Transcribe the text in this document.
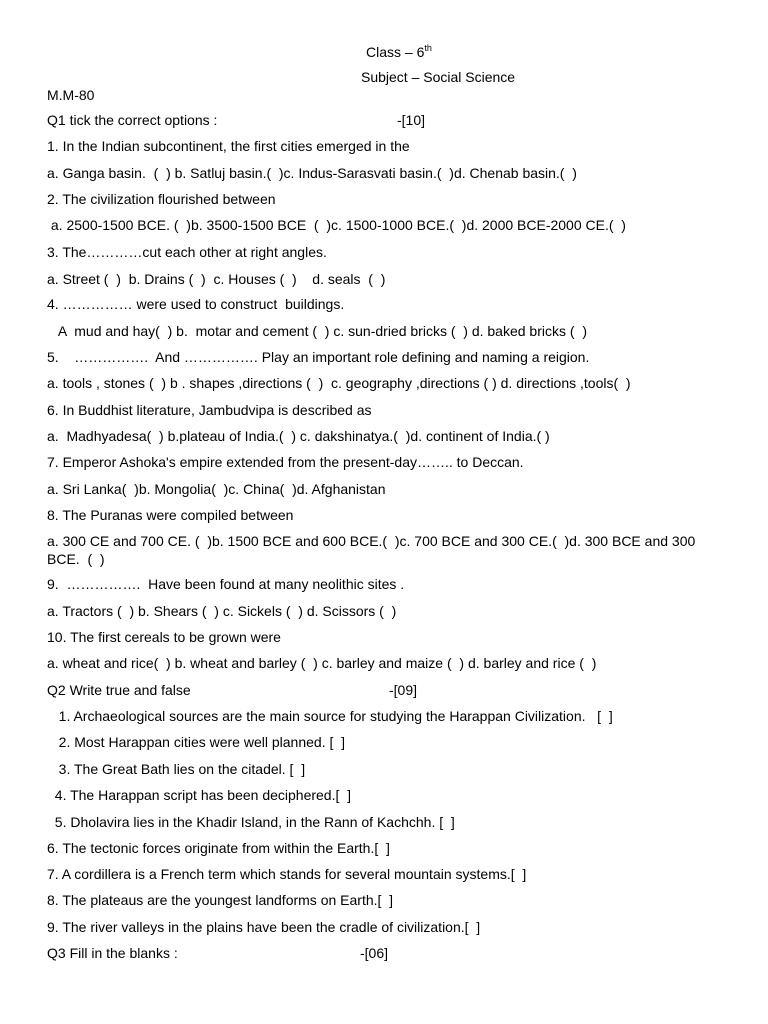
Class – 6th
Subject – Social Science
M.M-80
Q1 tick the correct options :	-[10]
1. In the Indian subcontinent, the first cities emerged in the
a. Ganga basin.  (  ) b. Satluj basin.(  )c. Indus-Sarasvati basin.(  )d. Chenab basin.(  )
2. The civilization flourished between
a. 2500-1500 BCE. (  )b. 3500-1500 BCE  (  )c. 1500-1000 BCE.(  )d. 2000 BCE-2000 CE.(  )
3. The…………cut each other at right angles.
a. Street (  )  b. Drains (  )  c. Houses (  )    d. seals  (  )
4. …………… were used to construct  buildings.
A  mud and hay(  ) b.  motar and cement (  ) c. sun-dried bricks (  ) d. baked bricks (  )
5.    …………….  And ……………. Play an important role defining and naming a reigion.
a. tools , stones (  ) b . shapes ,directions (  )  c. geography ,directions ( ) d. directions ,tools(  )
6. In Buddhist literature, Jambudvipa is described as
a.  Madhyadesa(  ) b.plateau of India.(  ) c. dakshinatya.(  )d. continent of India.( )
7. Emperor Ashoka's empire extended from the present-day…….. to Deccan.
a. Sri Lanka(  )b. Mongolia(  )c. China(  )d. Afghanistan
8. The Puranas were compiled between
a. 300 CE and 700 CE. (  )b. 1500 BCE and 600 BCE.(  )c. 700 BCE and 300 CE.(  )d. 300 BCE and 300
BCE.  (  )
9.  …………….  Have been found at many neolithic sites .
a. Tractors (  ) b. Shears (  ) c. Sickels (  ) d. Scissors (  )
10. The first cereals to be grown were
a. wheat and rice(  ) b. wheat and barley (  ) c. barley and maize (  ) d. barley and rice (  )
Q2 Write true and false	-[09]
1. Archaeological sources are the main source for studying the Harappan Civilization.   [  ]
2. Most Harappan cities were well planned. [  ]
3. The Great Bath lies on the citadel. [  ]
4. The Harappan script has been deciphered.[  ]
5. Dholavira lies in the Khadir Island, in the Rann of Kachchh. [  ]
6. The tectonic forces originate from within the Earth.[  ]
7. A cordillera is a French term which stands for several mountain systems.[  ]
8. The plateaus are the youngest landforms on Earth.[  ]
9. The river valleys in the plains have been the cradle of civilization.[  ]
Q3 Fill in the blanks :	-[06]
